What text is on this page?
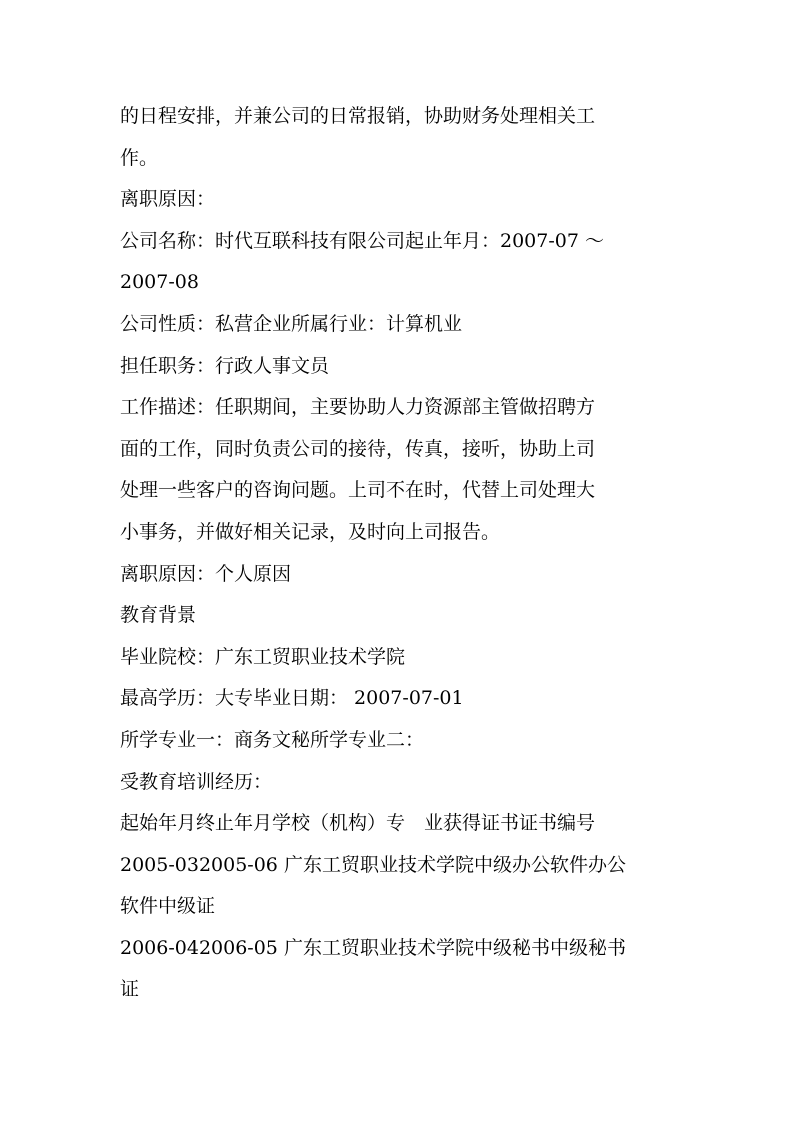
的日程安排，并兼公司的日常报销，协助财务处理相关工
作。
离职原因：
公司名称：时代互联科技有限公司起止年月：2007-07 ～
2007-08
公司性质：私营企业所属行业：计算机业
担任职务：行政人事文员
工作描述：任职期间，主要协助人力资源部主管做招聘方
面的工作，同时负责公司的接待，传真，接听，协助上司
处理一些客户的咨询问题。上司不在时，代替上司处理大
小事务，并做好相关记录，及时向上司报告。
离职原因：个人原因
教育背景
毕业院校：广东工贸职业技术学院
最高学历：大专毕业日期： 2007-07-01
所学专业一：商务文秘所学专业二：
受教育培训经历：
起始年月终止年月学校（机构）专　业获得证书证书编号
2005-032005-06 广东工贸职业技术学院中级办公软件办公
软件中级证
2006-042006-05 广东工贸职业技术学院中级秘书中级秘书
证
